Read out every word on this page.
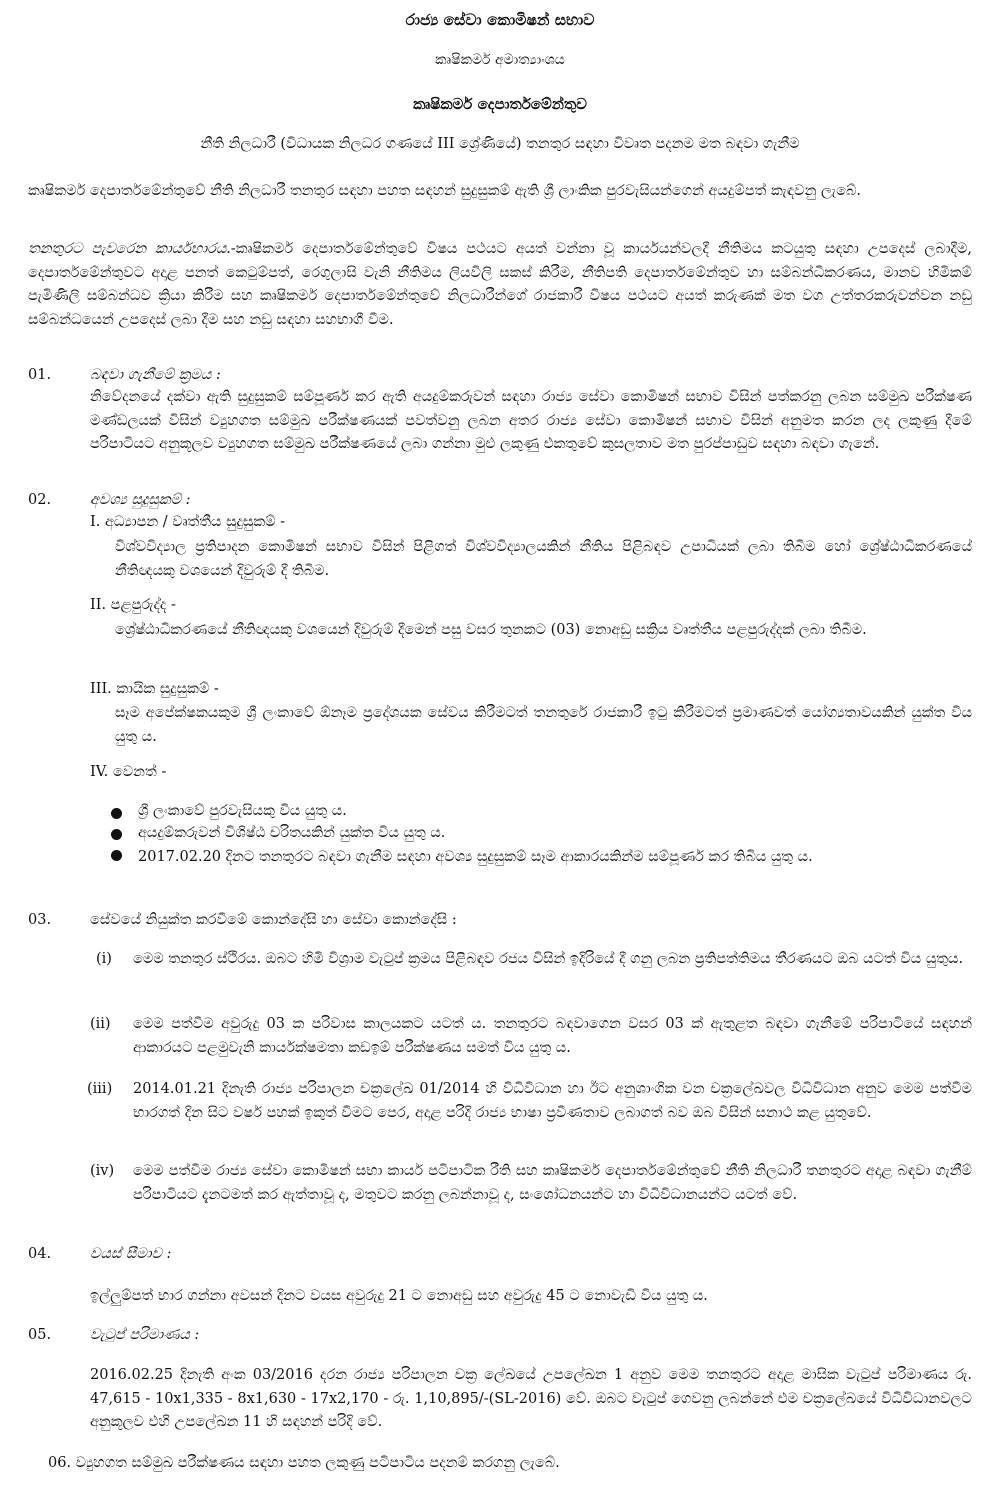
රාජ්‍ය සේවා කොමිෂන් සභාව
කෘෂිකර්ම අමාත්‍යාංශය
කෘෂිකර්ම දෙපාර්තමේන්තුව
නීති නිලධාරී (විධායක නිලධර ගණයේ III ශ්‍රේණියේ) තනතුර සඳහා විවෘත පදනම මත බඳවා ගැනීම
කෘෂිකර්ම දෙපාර්තමේන්තුවේ නීති නිලධාරී තනතුර සඳහා පහත සඳහන් සුදුසුකම් ඇති ශ්‍රී ලාංකික පුරවැසියන්ගෙන් අයදුම්පත් කැඳවනු ලැබේ.
තනතුරට පැවරෙන කාර්යභාරය.-කෘෂිකර්ම දෙපාර්තමේන්තුවේ විෂය පථයට අයත් වන්නා වූ කාර්යයන්වලදී නීතිමය කටයුතු සඳහා උපදෙස් ලබාදීම, දෙපාර්තමේන්තුවට අදාළ පනත් කෙටුම්පත්, රෙගුලාසි වැනි නීතිමය ලියවිලි සකස් කිරීම, නීතිපති දෙපාර්තමේන්තුව හා සම්බන්ධීකරණය, මානව හිමිකම් පැමිණිලි සම්බන්ධව ක්‍රියා කිරීම සහ කෘෂිකර්ම දෙපාර්තමේන්තුවේ නිලධාරීන්ගේ රාජකාරී විෂය පථයට අයත් කරුණක් මත වග උත්තරකරුවන්වන නඩු සම්බන්ධයෙන් උපදෙස් ලබා දීම සහ නඩු සඳහා සහභාගී වීම.
01.	බඳවා ගැනීමේ ක්‍රමය :
නිවේදනයේ දක්වා ඇති සුදුසුකම් සම්පූර්ණ කර ඇති අයදුම්කරුවන් සඳහා රාජ්‍ය සේවා කොමිෂන් සභාව විසින් පත්කරනු ලබන සම්මුඛ පරීක්ෂණ මණ්ඩලයක් විසින් ව්‍යුහගත සම්මුඛ පරීක්ෂණයක් පවත්වනු ලබන අතර රාජ්‍ය සේවා කොමිෂන් සභාව විසින් අනුමත කරන ලද ලකුණු දීමේ පරිපාටියට අනුකූලව ව්‍යුහගත සම්මුඛ පරීක්ෂණයේ ලබා ගන්නා මුළු ලකුණු එකතුවේ කුසලතාව මත පුරප්පාඩුව සඳහා බඳවා ගැනේ.
02.	අවශ්‍ය සුදුසුකම් :
I. අධ්‍යාපන / වෘත්තීය සුදුසුකම් -
විශ්වවිද්‍යාල ප්‍රතිපාදන කොමිෂන් සභාව විසින් පිළිගත් විශ්වවිද්‍යාලයකින් නීතිය පිළිබඳව උපාධියක් ලබා තිබීම හෝ ශ්‍රේෂ්ඨාධිකරණයේ නීතිඥයකු වශයෙන් දිවුරුම් දී තිබීම.
II. පළපුරුද්ද -
ශ්‍රේෂ්ඨාධිකරණයේ නීතිඥයකු වශයෙන් දිවුරුම් දීමෙන් පසු වසර තුනකට (03) නොඅඩු සක්‍රිය වෘත්තීය පළපුරුද්දක් ලබා තිබීම.
III. කායික සුදුසුකම් -
සෑම අපේක්ෂකයකුම ශ්‍රී ලංකාවේ ඕනෑම ප්‍රදේශයක සේවය කිරීමටත් තනතුරේ රාජකාරී ඉටු කිරීමටත් ප්‍රමාණවත් යෝග්‍යතාවයකින් යුක්ත විය යුතු ය.
IV. වෙනත් -
ශ්‍රී ලංකාවේ පුරවැසියකු විය යුතු ය.
අයදුම්කරුවන් විශිෂ්ඨ චරිතයකින් යුක්ත විය යුතු ය.
2017.02.20 දිනට තනතුරට බඳවා ගැනීම සඳහා අවශ්‍ය සුදුසුකම් සෑම ආකාරයකින්ම සම්පූර්ණ කර තිබිය යුතු ය.
03.	සේවයේ නියුක්ත කරවීමේ කොන්දේසි හා සේවා කොන්දේසි :
(i) මෙම තනතුර ස්ථිරය. ඔබට හිමි විශ්‍රාම වැටුප් ක්‍රමය පිළිබඳව රජය විසින් ඉදිරියේ දී ගනු ලබන ප්‍රතිපත්තිමය තීරණයට ඔබ යටත් විය යුතුය.
(ii) මෙම පත්වීම අවුරුදු 03 ක පරිවාස කාලයකට යටත් ය. තනතුරට බඳවාගෙන වසර 03 ක් ඇතුළත බඳවා ගැනීමේ පරිපාටියේ සඳහන් ආකාරයට පළමුවැනි කාර්යක්ෂමතා කඩඉම් පරීක්ෂණය සමත් විය යුතු ය.
(iii) 2014.01.21 දිනැති රාජ්‍ය පරිපාලන චක්‍රලේඛ 01/2014 හි විධිවිධාන හා ඊට අනුශාංගික වන චක්‍රලේඛවල විධිවිධාන අනුව මෙම පත්වීම භාරගත් දින සිට වර්ෂ පහක් ඉකුත් වීමට පෙර, අදාළ පරිදි රාජ්‍ය භාෂා ප්‍රවීණතාව ලබාගත් බව ඔබ විසින් සනාථ කළ යුතුවේ.
(iv) මෙම පත්වීම රාජ්‍ය සේවා කොමිෂන් සභා කාර්ය පටිපාටික රීති සහ කෘෂිකර්ම දෙපාර්තමේන්තුවේ නීති නිලධාරී තනතුරට අදාළ බඳවා ගැනීම් පරිපාටියට දැනටමත් කර ඇත්තාවූ ද, මතුවට කරනු ලබන්නාවූ ද, සංශෝධනයන්ට හා විධිවිධානයන්ට යටත් වේ.
04.	වයස් සීමාව :
ඉල්ලුම්පත් භාර ගන්නා අවසන් දිනට වයස අවුරුදු 21 ට නොඅඩු සහ අවුරුදු 45 ට නොවැඩි විය යුතු ය.
05.	වැටුප් පරිමාණය :
2016.02.25 දිනැති අංක 03/2016 දරන රාජ්‍ය පරිපාලන චක්‍ර ලේඛයේ උපලේඛන 1 අනුව මෙම තනතුරට අදාළ මාසික වැටුප් පරිමාණය රු. 47,615 - 10x1,335 - 8x1,630 - 17x2,170 - රු. 1,10,895/-(SL-2016) වේ. ඔබට වැටුප් ගෙවනු ලබන්නේ එම චක්‍රලේඛයේ විධිවිධානවලට අනුකූලව එහි උපලේඛන 11 හි සඳහන් පරිදි වේ.
06. ව්‍යුහගත සම්මුඛ පරීක්ෂණය සඳහා පහත ලකුණු පටිපාටිය පදනම් කරගනු ලැබේ.
